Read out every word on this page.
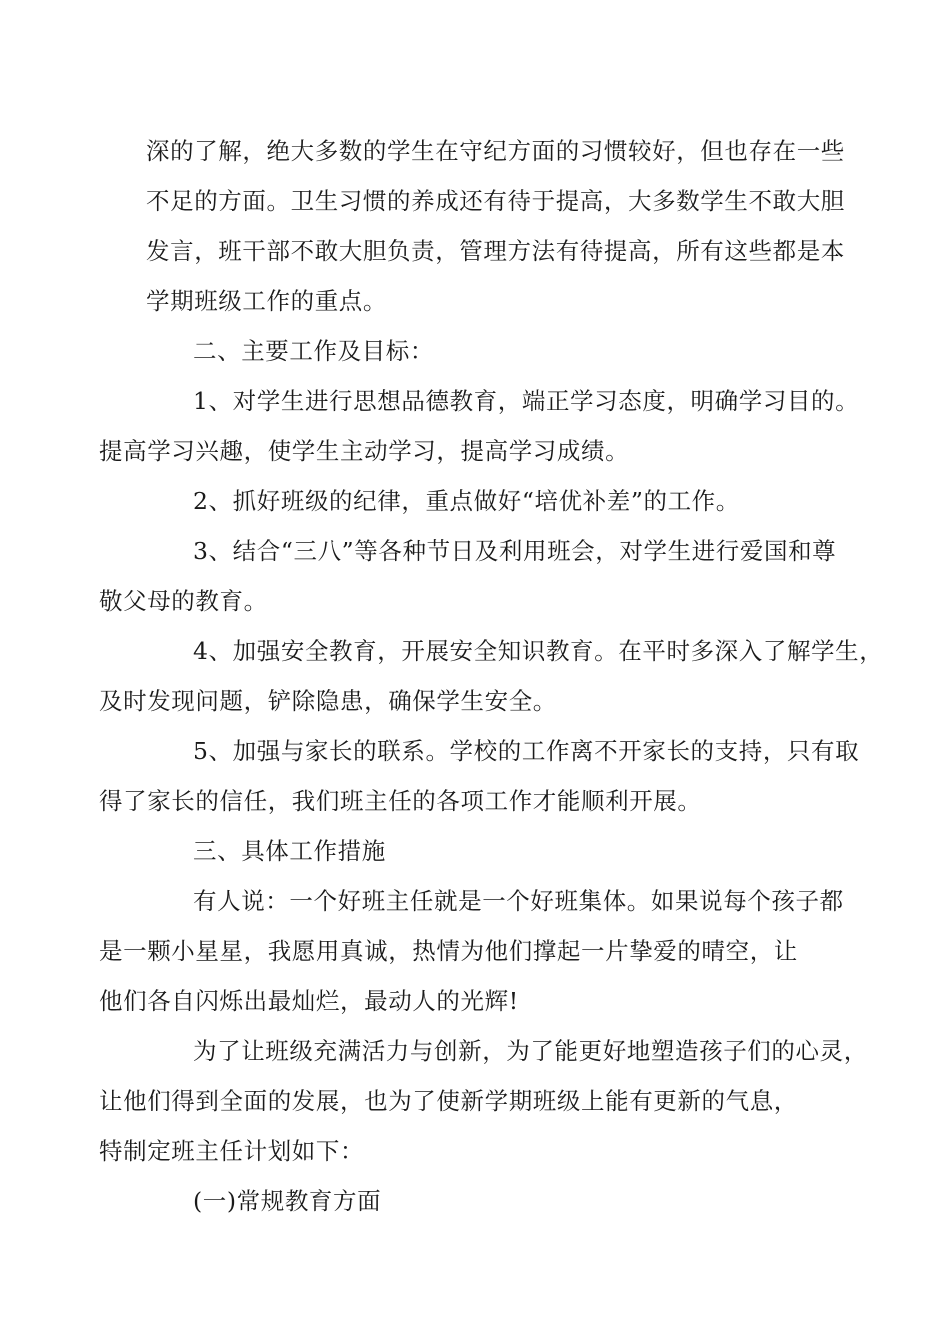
深的了解，绝大多数的学生在守纪方面的习惯较好，但也存在一些
不足的方面。卫生习惯的养成还有待于提高，大多数学生不敢大胆
发言，班干部不敢大胆负责，管理方法有待提高，所有这些都是本
学期班级工作的重点。

二、主要工作及目标：

1、对学生进行思想品德教育，端正学习态度，明确学习目的。
提高学习兴趣，使学生主动学习，提高学习成绩。

2、抓好班级的纪律，重点做好“培优补差”的工作。

3、结合“三八”等各种节日及利用班会，对学生进行爱国和尊
敬父母的教育。

4、加强安全教育，开展安全知识教育。在平时多深入了解学生，
及时发现问题，铲除隐患，确保学生安全。

5、加强与家长的联系。学校的工作离不开家长的支持，只有取
得了家长的信任，我们班主任的各项工作才能顺利开展。

三、具体工作措施

有人说：一个好班主任就是一个好班集体。如果说每个孩子都
是一颗小星星，我愿用真诚，热情为他们撑起一片挚爱的晴空，让
他们各自闪烁出最灿烂，最动人的光辉!

为了让班级充满活力与创新，为了能更好地塑造孩子们的心灵，
让他们得到全面的发展，也为了使新学期班级上能有更新的气息，
特制定班主任计划如下：

(一)常规教育方面
